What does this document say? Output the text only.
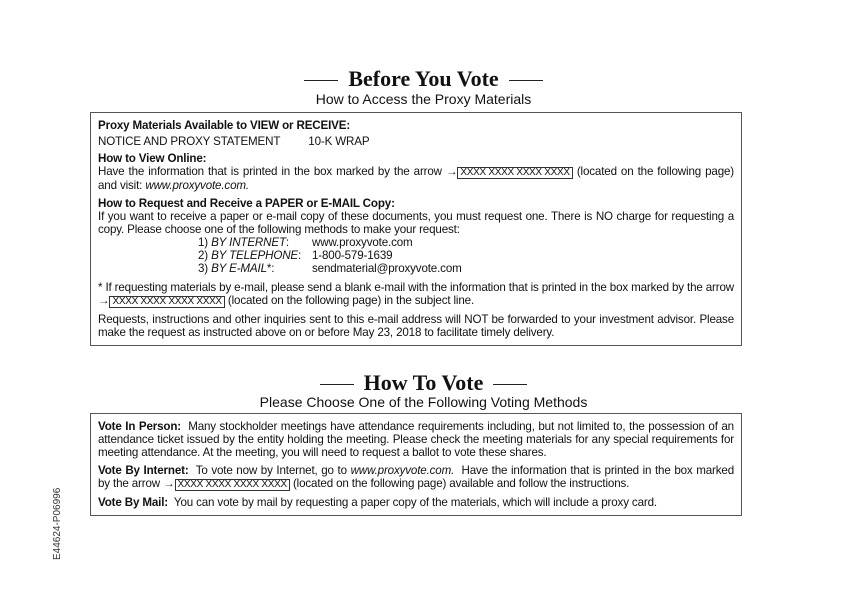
Before You Vote
How to Access the Proxy Materials

Proxy Materials Available to VIEW or RECEIVE:

NOTICE AND PROXY STATEMENT 10-K WRAP

How to View Online:

Have the information that is printed in the box marked by the arrow → XXXX XXXX XXXX XXXX (located on the following page) and visit: www.proxyvote.com.

How to Request and Receive a PAPER or E-MAIL Copy:

If you want to receive a paper or e-mail copy of these documents, you must request one. There is NO charge for requesting a copy. Please choose one of the following methods to make your request:

1) BY INTERNET:	www.proxyvote.com
2) BY TELEPHONE: 1-800-579-1639
3) BY E-MAIL*:	sendmaterial@proxyvote.com

* If requesting materials by e-mail, please send a blank e-mail with the information that is printed in the box marked by the arrow → XXXX XXXX XXXX XXXX (located on the following page) in the subject line.

Requests, instructions and other inquiries sent to this e-mail address will NOT be forwarded to your investment advisor. Please make the request as instructed above on or before May 23, 2018 to facilitate timely delivery.

How To Vote
Please Choose One of the Following Voting Methods

Vote In Person: Many stockholder meetings have attendance requirements including, but not limited to, the possession of an attendance ticket issued by the entity holding the meeting. Please check the meeting materials for any special requirements for meeting attendance. At the meeting, you will need to request a ballot to vote these shares.

Vote By Internet: To vote now by Internet, go to www.proxyvote.com. Have the information that is printed in the box marked by the arrow → XXXX XXXX XXXX XXXX (located on the following page) available and follow the instructions.

Vote By Mail: You can vote by mail by requesting a paper copy of the materials, which will include a proxy card.

E44624-P06996
